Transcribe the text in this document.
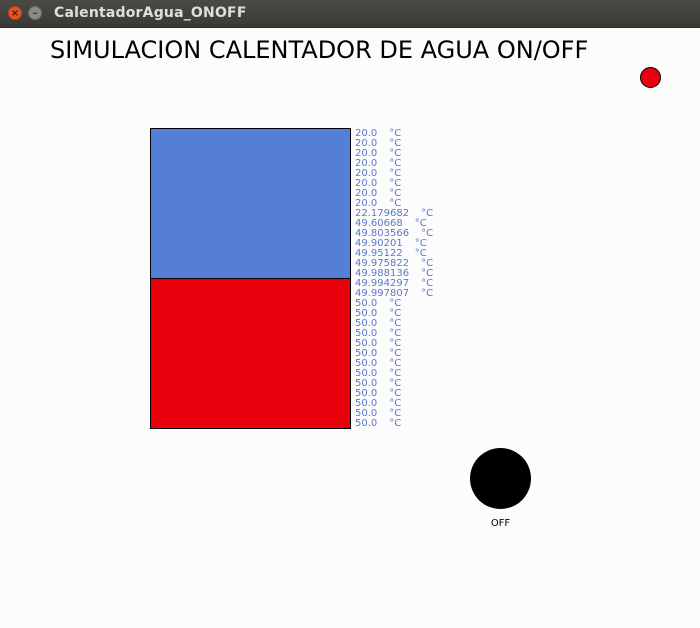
×	–	CalentadorAgua_ONOFF
SIMULACION CALENTADOR DE AGUA ON/OFF
20.0 °C
20.0 °C
20.0 °C
20.0 °C
20.0 °C
20.0 °C
20.0 °C
20.0 °C
22.179682 °C
49.60668 °C
49.803566 °C
49.90201 °C
49.95122 °C
49.975822 °C
49.988136 °C
49.994297 °C
49.997807 °C
50.0 °C
50.0 °C
50.0 °C
50.0 °C
50.0 °C
50.0 °C
50.0 °C
50.0 °C
50.0 °C
50.0 °C
50.0 °C
50.0 °C
50.0 °C
OFF
